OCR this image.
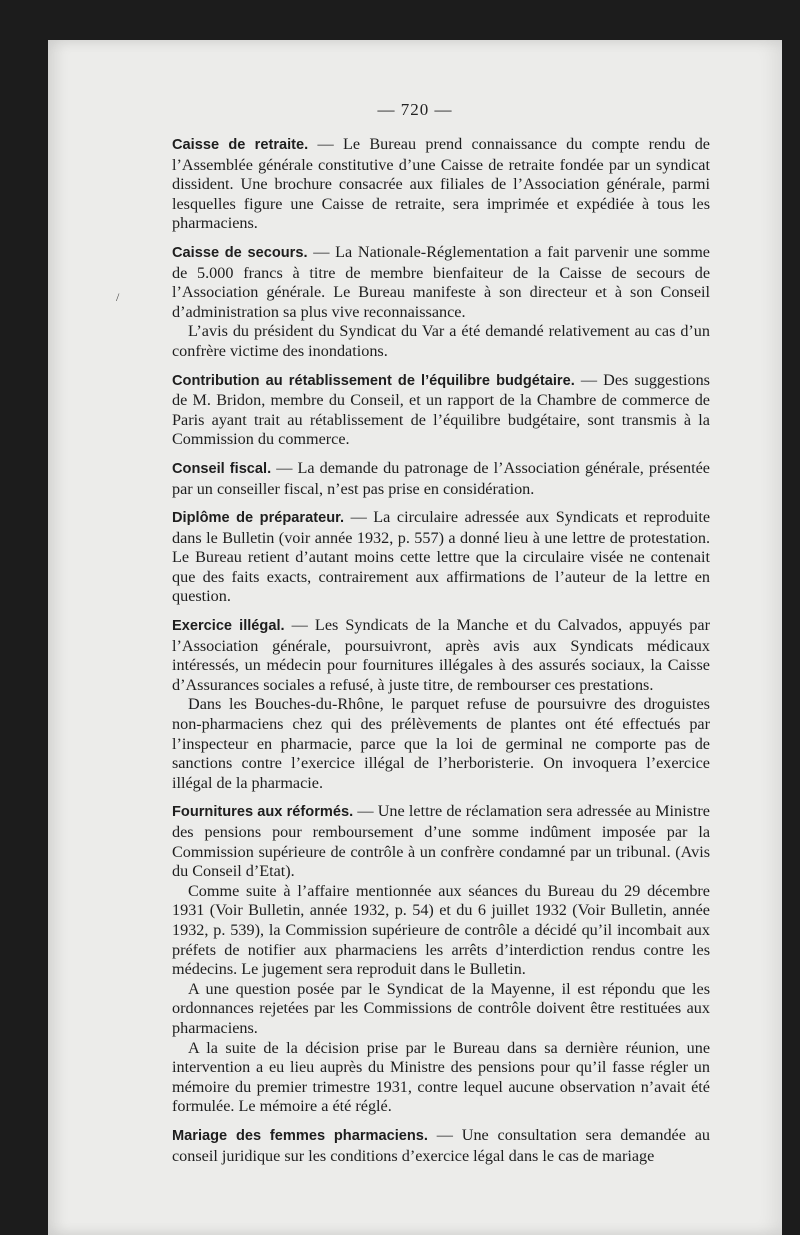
— 720 —

Caisse de retraite. — Le Bureau prend connaissance du compte rendu de l’Assemblée générale constitutive d’une Caisse de retraite fondée par un syndicat dissident. Une brochure consacrée aux filiales de l’Association générale, parmi lesquelles figure une Caisse de retraite, sera imprimée et expédiée à tous les pharmaciens.

Caisse de secours. — La Nationale-Réglementation a fait parvenir une somme de 5.000 francs à titre de membre bienfaiteur de la Caisse de secours de l’Association générale. Le Bureau manifeste à son directeur et à son Conseil d’administration sa plus vive reconnaissance.

L’avis du président du Syndicat du Var a été demandé relativement au cas d’un confrère victime des inondations.

Contribution au rétablissement de l’équilibre budgétaire. — Des suggestions de M. Bridon, membre du Conseil, et un rapport de la Chambre de commerce de Paris ayant trait au rétablissement de l’équilibre budgétaire, sont transmis à la Commission du commerce.

Conseil fiscal. — La demande du patronage de l’Association générale, présentée par un conseiller fiscal, n’est pas prise en considération.

Diplôme de préparateur. — La circulaire adressée aux Syndicats et reproduite dans le Bulletin (voir année 1932, p. 557) a donné lieu à une lettre de protestation. Le Bureau retient d’autant moins cette lettre que la circulaire visée ne contenait que des faits exacts, contrairement aux affirmations de l’auteur de la lettre en question.

Exercice illégal. — Les Syndicats de la Manche et du Calvados, appuyés par l’Association générale, poursuivront, après avis aux Syndicats médicaux intéressés, un médecin pour fournitures illégales à des assurés sociaux, la Caisse d’Assurances sociales a refusé, à juste titre, de rembourser ces prestations.

Dans les Bouches-du-Rhône, le parquet refuse de poursuivre des droguistes non-pharmaciens chez qui des prélèvements de plantes ont été effectués par l’inspecteur en pharmacie, parce que la loi de germinal ne comporte pas de sanctions contre l’exercice illégal de l’herboristerie. On invoquera l’exercice illégal de la pharmacie.

Fournitures aux réformés. — Une lettre de réclamation sera adressée au Ministre des pensions pour remboursement d’une somme indûment imposée par la Commission supérieure de contrôle à un confrère condamné par un tribunal. (Avis du Conseil d’Etat).

Comme suite à l’affaire mentionnée aux séances du Bureau du 29 décembre 1931 (Voir Bulletin, année 1932, p. 54) et du 6 juillet 1932 (Voir Bulletin, année 1932, p. 539), la Commission supérieure de contrôle a décidé qu’il incombait aux préfets de notifier aux pharmaciens les arrêts d’interdiction rendus contre les médecins. Le jugement sera reproduit dans le Bulletin.

A une question posée par le Syndicat de la Mayenne, il est répondu que les ordonnances rejetées par les Commissions de contrôle doivent être restituées aux pharmaciens.

A la suite de la décision prise par le Bureau dans sa dernière réunion, une intervention a eu lieu auprès du Ministre des pensions pour qu’il fasse régler un mémoire du premier trimestre 1931, contre lequel aucune observation n’avait été formulée. Le mémoire a été réglé.

Mariage des femmes pharmaciens. — Une consultation sera demandée au conseil juridique sur les conditions d’exercice légal dans le cas de mariage

/
